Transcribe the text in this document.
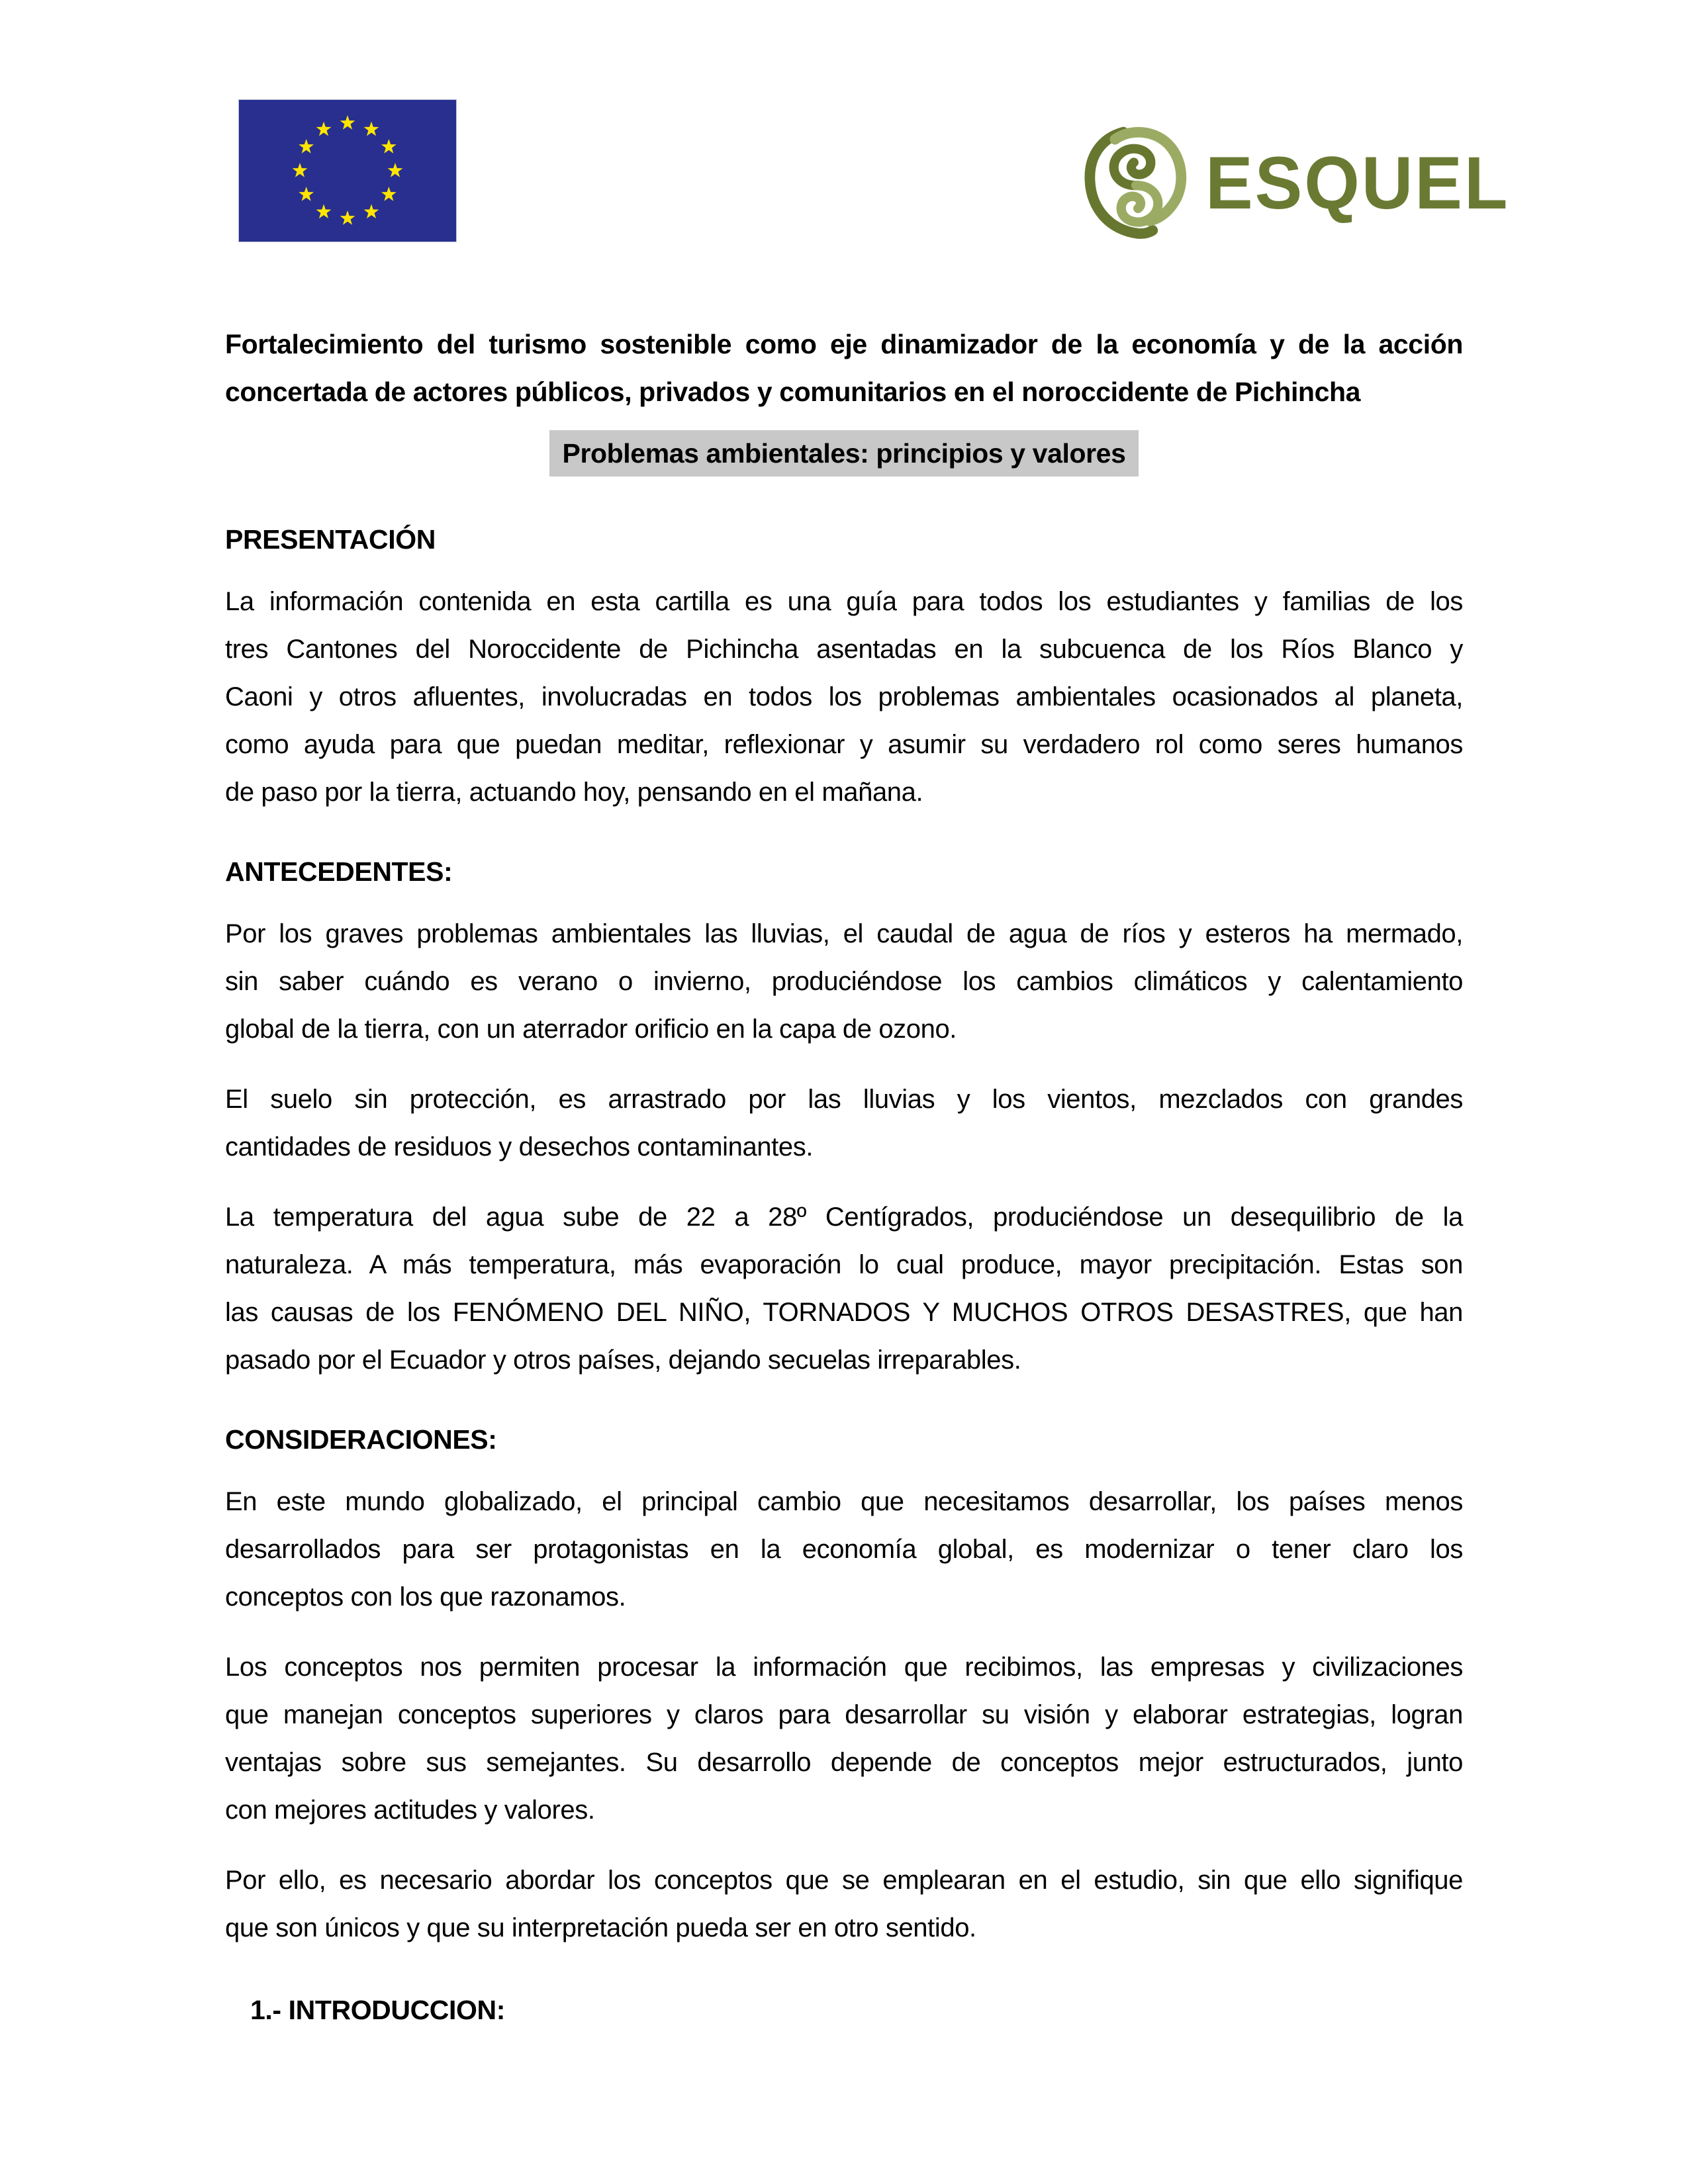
ESQUEL
Fortalecimiento del turismo sostenible como eje dinamizador de la economía y de la acción
concertada de actores públicos, privados y comunitarios en el noroccidente de Pichincha
Problemas ambientales: principios y valores
PRESENTACIÓN
La información contenida en esta cartilla es una guía para todos los estudiantes y familias de los
tres Cantones del Noroccidente de Pichincha asentadas en la subcuenca de los Ríos Blanco y
Caoni y otros afluentes, involucradas en todos los problemas ambientales ocasionados al planeta,
como ayuda para que puedan meditar, reflexionar y asumir su verdadero rol como seres humanos
de paso por la tierra, actuando hoy, pensando en el mañana.
ANTECEDENTES:
Por los graves problemas ambientales las lluvias, el caudal de agua de ríos y esteros ha mermado,
sin saber cuándo es verano o invierno, produciéndose los cambios climáticos y calentamiento
global de la tierra, con un aterrador orificio en la capa de ozono.
El suelo sin protección, es arrastrado por las lluvias y los vientos, mezclados con grandes
cantidades de residuos y desechos contaminantes.
La temperatura del agua sube de 22 a 28º Centígrados, produciéndose un desequilibrio de la
naturaleza. A más temperatura, más evaporación lo cual produce, mayor precipitación. Estas son
las causas de los FENÓMENO DEL NIÑO, TORNADOS Y MUCHOS OTROS DESASTRES, que han
pasado por el Ecuador y otros países, dejando secuelas irreparables.
CONSIDERACIONES:
En este mundo globalizado, el principal cambio que necesitamos desarrollar, los países menos
desarrollados para ser protagonistas en la economía global, es modernizar o tener claro los
conceptos con los que razonamos.
Los conceptos nos permiten procesar la información que recibimos, las empresas y civilizaciones
que manejan conceptos superiores y claros para desarrollar su visión y elaborar estrategias, logran
ventajas sobre sus semejantes. Su desarrollo depende de conceptos mejor estructurados, junto
con mejores actitudes y valores.
Por ello, es necesario abordar los conceptos que se emplearan en el estudio, sin que ello signifique
que son únicos y que su interpretación pueda ser en otro sentido.
1.- INTRODUCCION:
